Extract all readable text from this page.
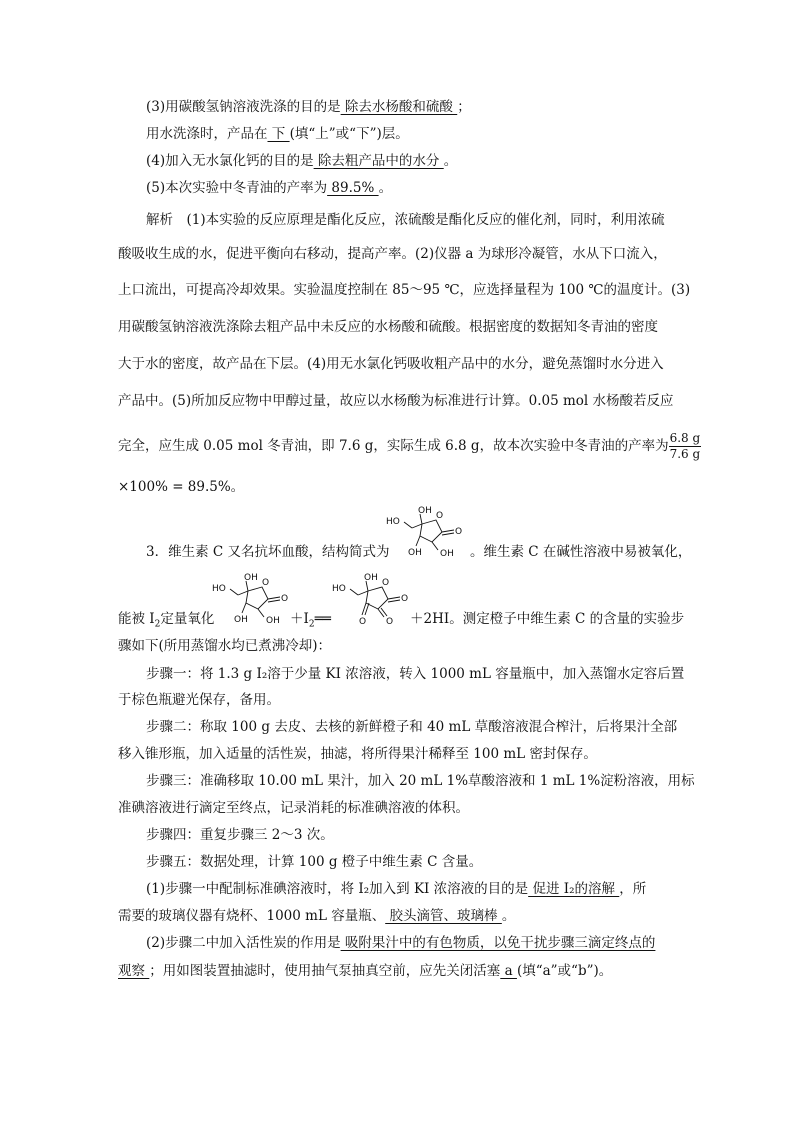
(3)用碳酸氢钠溶液洗涤的目的是 除去水杨酸和硫酸 ；
用水洗涤时，产品在 下 (填“上”或“下”)层。
(4)加入无水氯化钙的目的是 除去粗产品中的水分 。
(5)本次实验中冬青油的产率为 89.5% 。
解析　(1)本实验的反应原理是酯化反应，浓硫酸是酯化反应的催化剂，同时，利用浓硫
酸吸收生成的水，促进平衡向右移动，提高产率。(2)仪器 a 为球形冷凝管，水从下口流入，
上口流出，可提高冷却效果。实验温度控制在 85～95 ℃，应选择量程为 100 ℃的温度计。(3)
用碳酸氢钠溶液洗涤除去粗产品中未反应的水杨酸和硫酸。根据密度的数据知冬青油的密度
大于水的密度，故产品在下层。(4)用无水氯化钙吸收粗产品中的水分，避免蒸馏时水分进入
产品中。(5)所加反应物中甲醇过量，故应以水杨酸为标准进行计算。0.05 mol 水杨酸若反应
完全，应生成 0.05 mol 冬青油，即 7.6 g，实际生成 6.8 g，故本次实验中冬青油的产率为 $\frac{6.8 g}{7.6 g}$
×100% = 89.5%。
3．维生素 C 又名抗坏血酸，结构简式为
OH
HO
O
O
OH OH 。维生素 C 在碱性溶液中易被氧化，
能被 $I_2$定量氧化
OH
HO
O
O
OH OH $+I_2══$
OH
HO
O
O
O O ＋2HI。测定橙子中维生素 C 的含量的实验步
骤如下(所用蒸馏水均已煮沸冷却)：
步骤一：将 1.3 g I₂溶于少量 KI 浓溶液，转入 1000 mL 容量瓶中，加入蒸馏水定容后置
于棕色瓶避光保存，备用。
步骤二：称取 100 g 去皮、去核的新鲜橙子和 40 mL 草酸溶液混合榨汁，后将果汁全部
移入锥形瓶，加入适量的活性炭，抽滤，将所得果汁稀释至 100 mL 密封保存。
步骤三：准确移取 10.00 mL 果汁，加入 20 mL 1%草酸溶液和 1 mL 1%淀粉溶液，用标
准碘溶液进行滴定至终点，记录消耗的标准碘溶液的体积。
步骤四：重复步骤三 2～3 次。
步骤五：数据处理，计算 100 g 橙子中维生素 C 含量。
(1)步骤一中配制标准碘溶液时，将 I₂加入到 KI 浓溶液的目的是 促进 I₂的溶解 ，所
需要的玻璃仪器有烧杯、1000 mL 容量瓶、 胶头滴管、玻璃棒 。
(2)步骤二中加入活性炭的作用是 吸附果汁中的有色物质，以免干扰步骤三滴定终点的
观察 ；用如图装置抽滤时，使用抽气泵抽真空前，应先关闭活塞 a (填“a”或“b”)。
